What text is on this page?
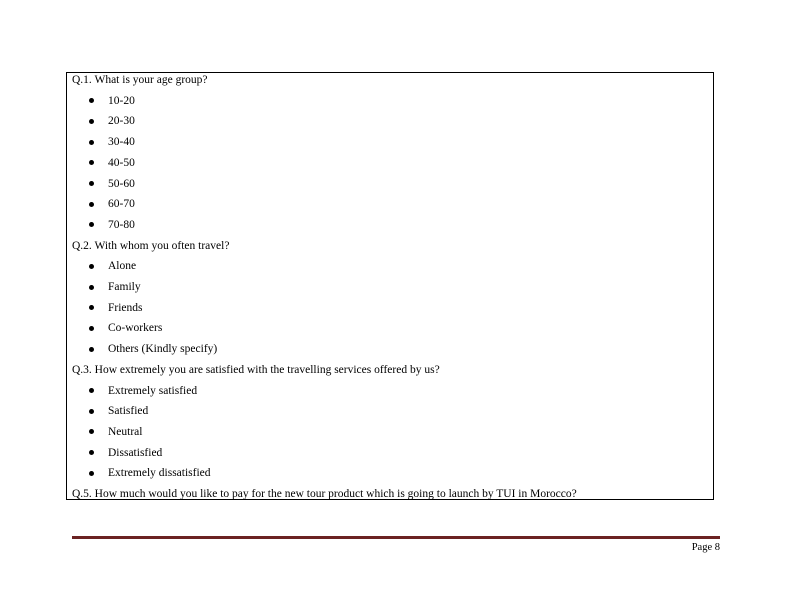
Q.1. What is your age group?
10-20
20-30
30-40
40-50
50-60
60-70
70-80
Q.2. With whom you often travel?
Alone
Family
Friends
Co-workers
Others (Kindly specify)
Q.3. How extremely you are satisfied with the travelling services offered by us?
Extremely satisfied
Satisfied
Neutral
Dissatisfied
Extremely dissatisfied
Q.5. How much would you like to pay for the new tour product which is going to launch by TUI in Morocco?
Page 8
